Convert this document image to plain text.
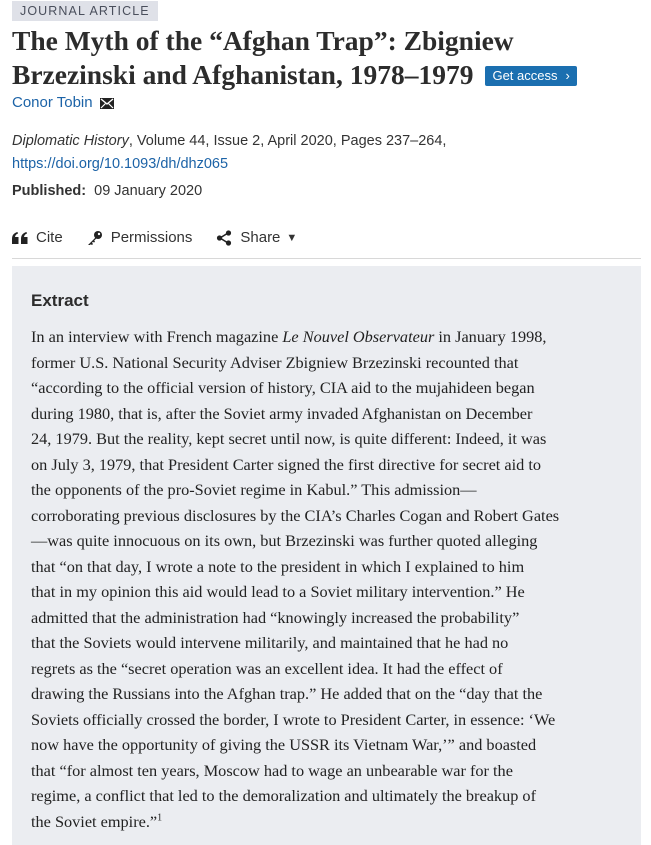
JOURNAL ARTICLE
The Myth of the “Afghan Trap”: Zbigniew
Brzezinski and Afghanistan, 1978–1979 Get access ›
Conor Tobin
Diplomatic History, Volume 44, Issue 2, April 2020, Pages 237–264,
https://doi.org/10.1093/dh/dhz065
Published: 09 January 2020
Cite	Permissions	Share ▼
Extract

In an interview with French magazine Le Nouvel Observateur in January 1998,
former U.S. National Security Adviser Zbigniew Brzezinski recounted that
“according to the official version of history, CIA aid to the mujahideen began
during 1980, that is, after the Soviet army invaded Afghanistan on December
24, 1979. But the reality, kept secret until now, is quite different: Indeed, it was
on July 3, 1979, that President Carter signed the first directive for secret aid to
the opponents of the pro-Soviet regime in Kabul.” This admission—
corroborating previous disclosures by the CIA’s Charles Cogan and Robert Gates
—was quite innocuous on its own, but Brzezinski was further quoted alleging
that “on that day, I wrote a note to the president in which I explained to him
that in my opinion this aid would lead to a Soviet military intervention.” He
admitted that the administration had “knowingly increased the probability”
that the Soviets would intervene militarily, and maintained that he had no
regrets as the “secret operation was an excellent idea. It had the effect of
drawing the Russians into the Afghan trap.” He added that on the “day that the
Soviets officially crossed the border, I wrote to President Carter, in essence: ‘We
now have the opportunity of giving the USSR its Vietnam War,’” and boasted
that “for almost ten years, Moscow had to wage an unbearable war for the
regime, a conflict that led to the demoralization and ultimately the breakup of
the Soviet empire.”$^1$
